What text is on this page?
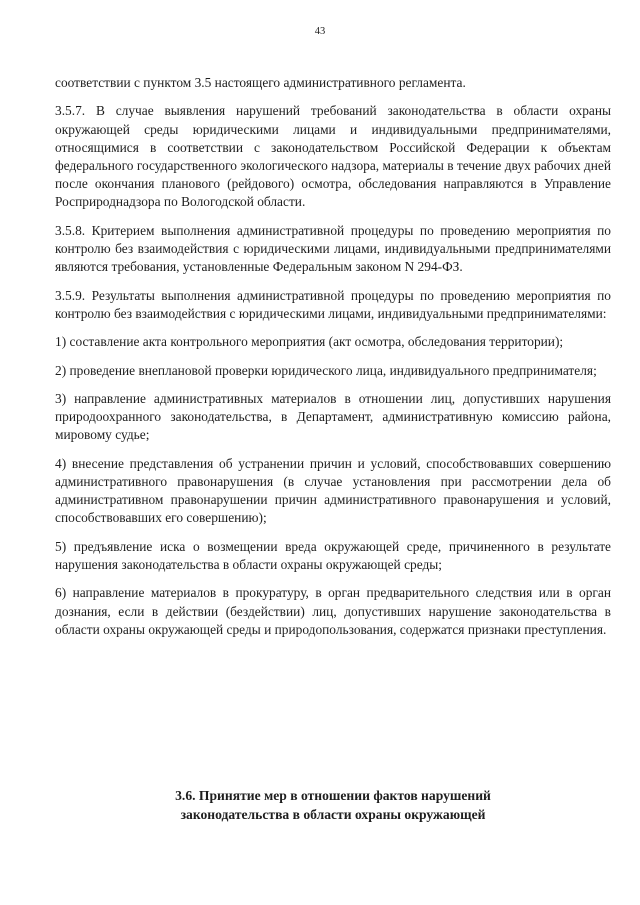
43

соответствии с пунктом 3.5 настоящего административного регламента.

3.5.7. В случае выявления нарушений требований законодательства в области охраны окружающей среды юридическими лицами и индивидуальными предпринимателями, относящимися в соответствии с законодательством Российской Федерации к объектам федерального государственного экологического надзора, материалы в течение двух рабочих дней после окончания планового (рейдового) осмотра, обследования направляются в Управление Росприроднадзора по Вологодской области.

3.5.8. Критерием выполнения административной процедуры по проведению мероприятия по контролю без взаимодействия с юридическими лицами, индивидуальными предпринимателями являются требования, установленные Федеральным законом N 294-ФЗ.

3.5.9. Результаты выполнения административной процедуры по проведению мероприятия по контролю без взаимодействия с юридическими лицами, индивидуальными предпринимателями:

1) составление акта контрольного мероприятия (акт осмотра, обследования территории);

2) проведение внеплановой проверки юридического лица, индивидуального предпринимателя;

3) направление административных материалов в отношении лиц, допустивших нарушения природоохранного законодательства, в Департамент, административную комиссию района, мировому судье;

4) внесение представления об устранении причин и условий, способствовавших совершению административного правонарушения (в случае установления при рассмотрении дела об административном правонарушении причин административного правонарушения и условий, способствовавших его совершению);

5) предъявление иска о возмещении вреда окружающей среде, причиненного в результате нарушения законодательства в области охраны окружающей среды;

6) направление материалов в прокуратуру, в орган предварительного следствия или в орган дознания, если в действии (бездействии) лиц, допустивших нарушение законодательства в области охраны окружающей среды и природопользования, содержатся признаки преступления.

3.6. Принятие мер в отношении фактов нарушений
законодательства в области охраны окружающей
